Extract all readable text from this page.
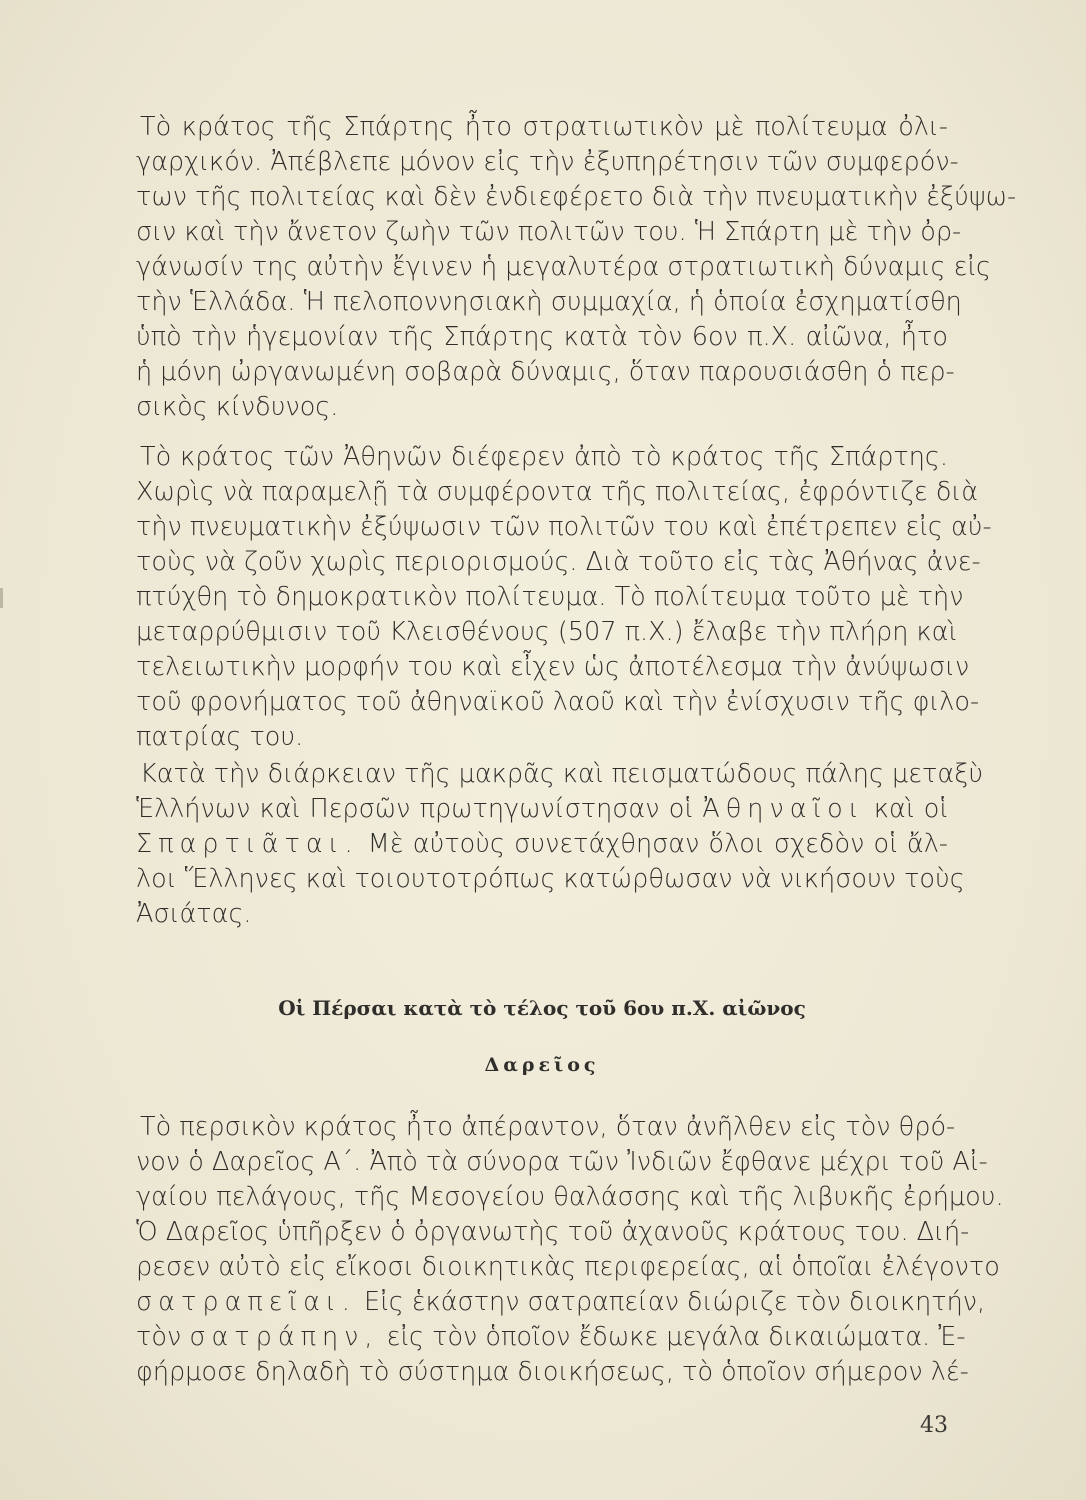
Τὸ κράτος τῆς Σπάρτης ἦτο στρατιωτικὸν μὲ πολίτευμα ὀλι-
γαρχικόν. Ἀπέβλεπε μόνον εἰς τὴν ἐξυπηρέτησιν τῶν συμφερόν-
των τῆς πολιτείας καὶ δὲν ἐνδιεφέρετο διὰ τὴν πνευματικὴν ἐξύψω-
σιν καὶ τὴν ἄνετον ζωὴν τῶν πολιτῶν του. Ἡ Σπάρτη μὲ τὴν ὀρ-
γάνωσίν της αὐτὴν ἔγινεν ἡ μεγαλυτέρα στρατιωτικὴ δύναμις εἰς
τὴν Ἑλλάδα. Ἡ πελοποννησιακὴ συμμαχία, ἡ ὁποία ἐσχηματίσθη
ὑπὸ τὴν ἡγεμονίαν τῆς Σπάρτης κατὰ τὸν 6ον π.Χ. αἰῶνα, ἦτο
ἡ μόνη ὠργανωμένη σοβαρὰ δύναμις, ὅταν παρουσιάσθη ὁ περ-
σικὸς κίνδυνος.
Τὸ κράτος τῶν Ἀθηνῶν διέφερεν ἀπὸ τὸ κράτος τῆς Σπάρτης.
Χωρὶς νὰ παραμελῇ τὰ συμφέροντα τῆς πολιτείας, ἐφρόντιζε διὰ
τὴν πνευματικὴν ἐξύψωσιν τῶν πολιτῶν του καὶ ἐπέτρεπεν εἰς αὐ-
τοὺς νὰ ζοῦν χωρὶς περιορισμούς. Διὰ τοῦτο εἰς τὰς Ἀθήνας ἀνε-
πτύχθη τὸ δημοκρατικὸν πολίτευμα. Τὸ πολίτευμα τοῦτο μὲ τὴν
μεταρρύθμισιν τοῦ Κλεισθένους (507 π.Χ.) ἔλαβε τὴν πλήρη καὶ
τελειωτικὴν μορφήν του καὶ εἶχεν ὡς ἀποτέλεσμα τὴν ἀνύψωσιν
τοῦ φρονήματος τοῦ ἀθηναϊκοῦ λαοῦ καὶ τὴν ἐνίσχυσιν τῆς φιλο-
πατρίας του.
Κατὰ τὴν διάρκειαν τῆς μακρᾶς καὶ πεισματώδους πάλης μεταξὺ
Ἑλλήνων καὶ Περσῶν πρωτηγωνίστησαν οἱ Ἀθηναῖοι καὶ οἱ
Σπαρτιᾶται. Μὲ αὐτοὺς συνετάχθησαν ὅλοι σχεδὸν οἱ ἄλ-
λοι Ἕλληνες καὶ τοιουτοτρόπως κατώρθωσαν νὰ νικήσουν τοὺς
Ἀσιάτας.
Οἱ Πέρσαι κατὰ τὸ τέλος τοῦ 6ου π.Χ. αἰῶνος
Δαρεῖος
Τὸ περσικὸν κράτος ἦτο ἀπέραντον, ὅταν ἀνῆλθεν εἰς τὸν θρό-
νον ὁ Δαρεῖος Α΄. Ἀπὸ τὰ σύνορα τῶν Ἰνδιῶν ἔφθανε μέχρι τοῦ Αἰ-
γαίου πελάγους, τῆς Μεσογείου θαλάσσης καὶ τῆς λιβυκῆς ἐρήμου.
Ὁ Δαρεῖος ὑπῆρξεν ὁ ὀργανωτὴς τοῦ ἀχανοῦς κράτους του. Διή-
ρεσεν αὐτὸ εἰς εἴκοσι διοικητικὰς περιφερείας, αἱ ὁποῖαι ἐλέγοντο
σατραπεῖαι. Εἰς ἑκάστην σατραπείαν διώριζε τὸν διοικητήν,
τὸν σατράπην, εἰς τὸν ὁποῖον ἔδωκε μεγάλα δικαιώματα. Ἐ-
φήρμοσε δηλαδὴ τὸ σύστημα διοικήσεως, τὸ ὁποῖον σήμερον λέ-
43
